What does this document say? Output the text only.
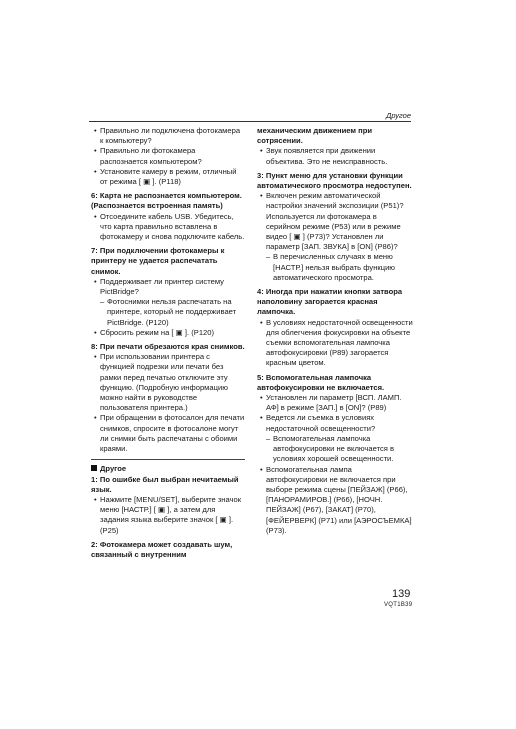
Другое
• Правильно ли подключена фотокамера к компьютеру?
• Правильно ли фотокамера распознается компьютером?
• Установите камеру в режим, отличный от режима [ ▣ ]. (P118)
6: Карта не распознается компьютером. (Распознается встроенная память)
• Отсоедините кабель USB. Убедитесь, что карта правильно вставлена в фотокамеру и снова подключите кабель.
7: При подключении фотокамеры к принтеру не удается распечатать снимок.
• Поддерживает ли принтер систему PictBridge?
– Фотоснимки нельзя распечатать на принтере, который не поддерживает PictBridge. (P120)
• Сбросить режим на [ ▣ ]. (P120)
8: При печати обрезаются края снимков.
• При использовании принтера с функцией подрезки или печати без рамки перед печатью отключите эту функцию. (Подробную информацию можно найти в руководстве пользователя принтера.)
• При обращении в фотосалон для печати снимков, спросите в фотосалоне могут ли снимки быть распечатаны с обоими краями.
Другое
1: По ошибке был выбран нечитаемый язык.
• Нажмите [MENU/SET], выберите значок меню [НАСТР.] [ ▣ ], а затем для задания языка выберите значок [ ▣ ]. (P25)
2: Фотокамера может создавать шум, связанный с внутренним
механическим движением при сотрясении.
• Звук появляется при движении объектива. Это не неисправность.
3: Пункт меню для установки функции автоматического просмотра недоступен.
• Включен режим автоматической настройки значений экспозиции (P51)? Используется ли фотокамера в серийном режиме (P53) или в режиме видео [ ▣ ] (P73)? Установлен ли параметр [ЗАП. ЗВУКА] в [ON] (P86)?
– В перечисленных случаях в меню [НАСТР.] нельзя выбрать функцию автоматического просмотра.
4: Иногда при нажатии кнопки затвора наполовину загорается красная лампочка.
• В условиях недостаточной освещенности для облегчения фокусировки на объекте съемки вспомогательная лампочка автофокусировки (P89) загорается красным цветом.
5: Вспомогательная лампочка автофокусировки не включается.
• Установлен ли параметр [ВСП. ЛАМП. АФ] в режиме [ЗАП.] в [ON]? (P89)
• Ведется ли съемка в условиях недостаточной освещенности?
– Вспомогательная лампочка автофокусировки не включается в условиях хорошей освещенности.
• Вспомогательная лампа автофокусировки не включается при выборе режима сцены [ПЕЙЗАЖ] (P66), [ПАНОРАМИРОВ.] (P66), [НОЧН. ПЕЙЗАЖ] (P67), [ЗАКАТ] (P70), [ФЕЙЕРВЕРК] (P71) или [АЭРОСЪЕМКА] (P73).
139
VQT1B39
